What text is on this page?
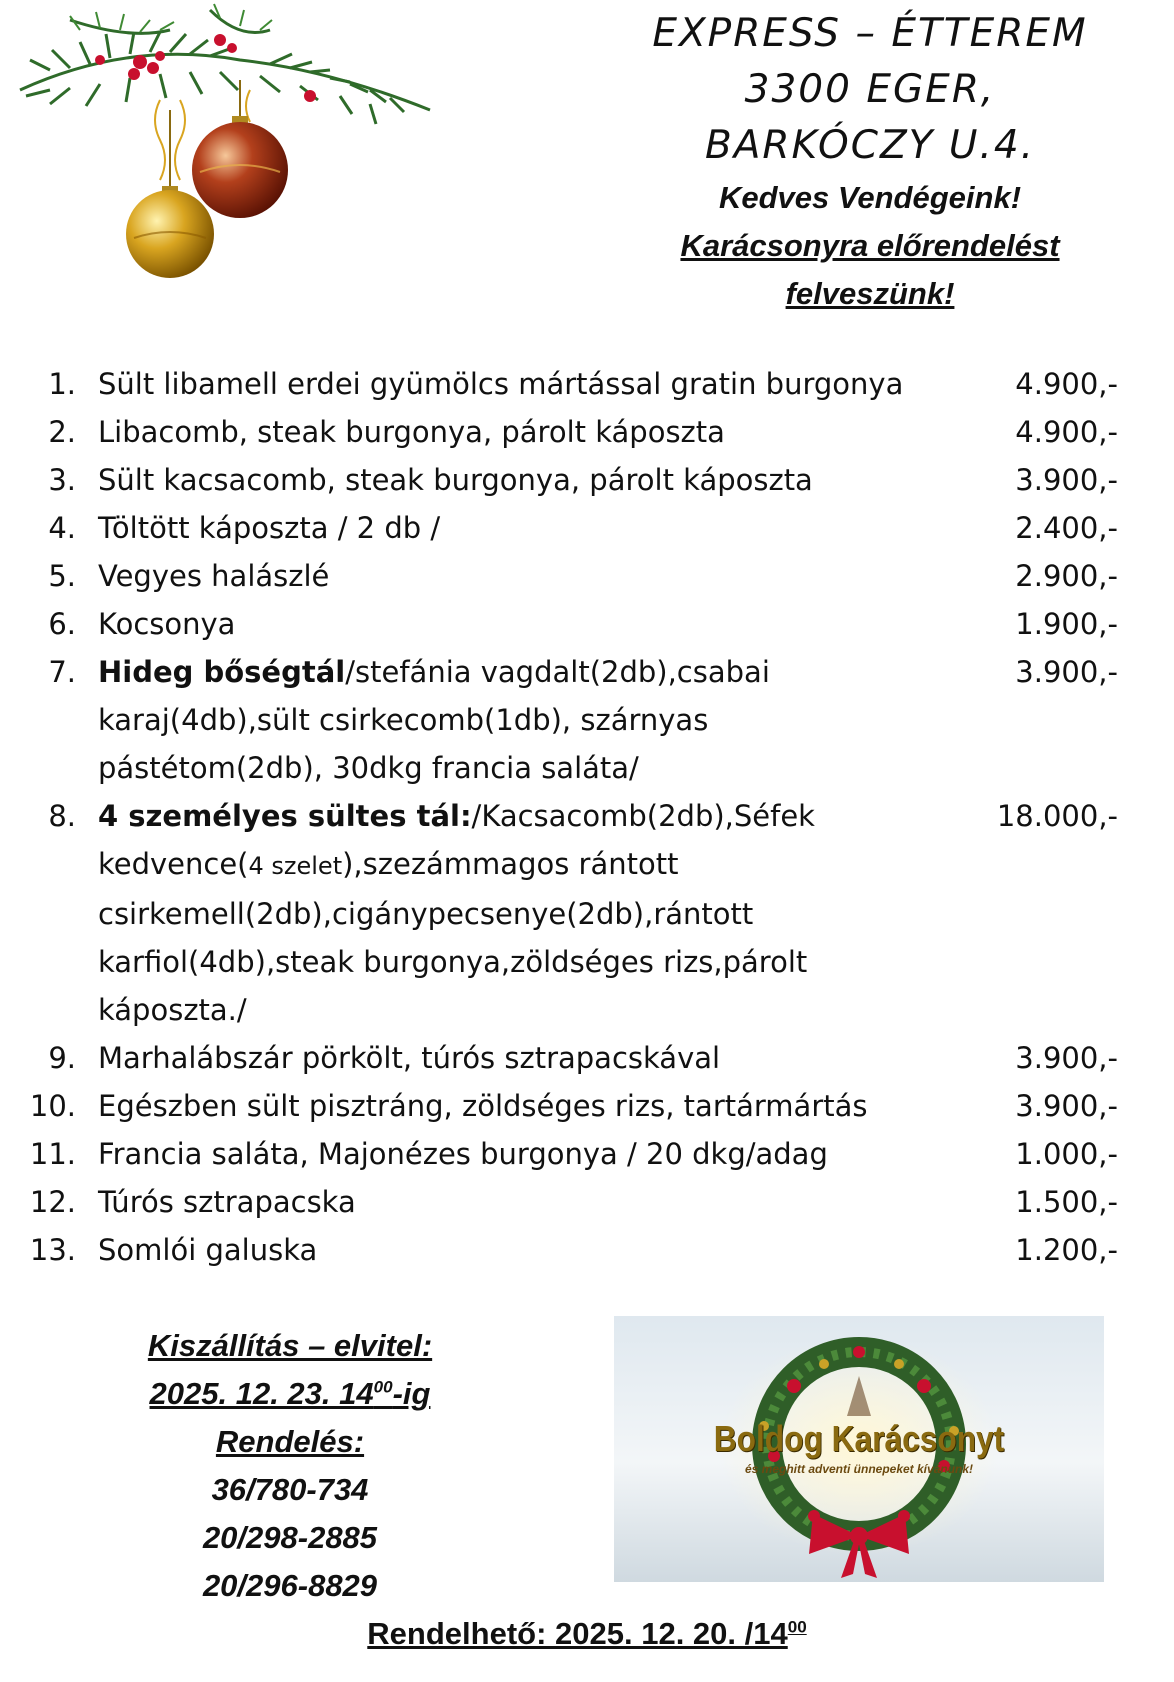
EXPRESS – ÉTTEREM
3300 EGER,
BARKÓCZY U.4.
Kedves Vendégeink!
Karácsonyra előrendelést
felveszünk!
1. Sült libamell erdei gyümölcs mártással gratin burgonya	4.900,-
2. Libacomb, steak burgonya, párolt káposzta	4.900,-
3. Sült kacsacomb, steak burgonya, párolt káposzta	3.900,-
4. Töltött káposzta / 2 db /	2.400,-
5. Vegyes halászlé	2.900,-
6. Kocsonya	1.900,-
7. Hideg bőségtál/stefánia vagdalt(2db),csabai
karaj(4db),sült csirkecomb(1db), szárnyas
pástétom(2db), 30dkg francia saláta/
3.900,-
8. 4 személyes sültes tál:/Kacsacomb(2db),Séfek
kedvence(4 szelet),szezámmagos rántott
csirkemell(2db),cigánypecsenye(2db),rántott
karfiol(4db),steak burgonya,zöldséges rizs,párolt
káposzta./
18.000,-
9. Marhalábszár pörkölt, túrós sztrapacskával	3.900,-
10. Egészben sült pisztráng, zöldséges rizs, tartármártás	3.900,-
11. Francia saláta, Majonézes burgonya / 20 dkg/adag	1.000,-
12. Túrós sztrapacska	1.500,-
13. Somlói galuska	1.200,-
Kiszállítás – elvitel:
2025. 12. 23. $14^{00}-ig$
Rendelés:
36/780-734
20/298-2885
20/296-8829
Boldog Karácsonyt
és meghitt adventi ünnepeket kívánunk!
Rendelhető: 2025. 12. 20. $/14^{00}$
